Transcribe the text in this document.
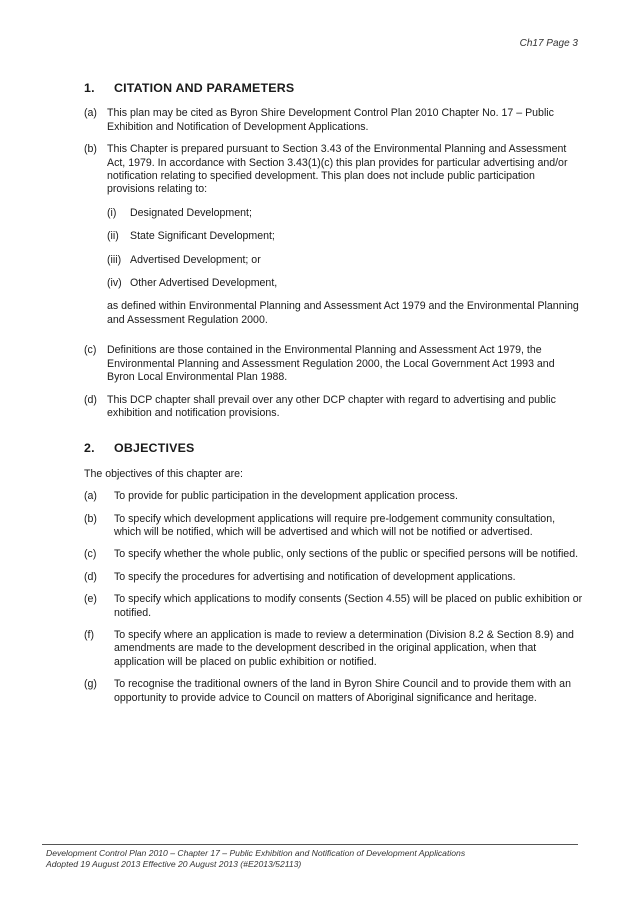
Ch17 Page 3
1.	CITATION AND PARAMETERS
(a) This plan may be cited as Byron Shire Development Control Plan 2010 Chapter No. 17 – Public Exhibition and Notification of Development Applications.
(b) This Chapter is prepared pursuant to Section 3.43 of the Environmental Planning and Assessment Act, 1979. In accordance with Section 3.43(1)(c) this plan provides for particular advertising and/or notification relating to specified development. This plan does not include public participation provisions relating to:
(i)	Designated Development;
(ii)	State Significant Development;
(iii) Advertised Development; or
(iv) Other Advertised Development,
as defined within Environmental Planning and Assessment Act 1979 and the Environmental Planning and Assessment Regulation 2000.
(c)	Definitions are those contained in the Environmental Planning and Assessment Act 1979, the Environmental Planning and Assessment Regulation 2000, the Local Government Act 1993 and Byron Local Environmental Plan 1988.
(d) This DCP chapter shall prevail over any other DCP chapter with regard to advertising and public exhibition and notification provisions.
2.	OBJECTIVES
The objectives of this chapter are:
(a)	To provide for public participation in the development application process.
(b)	To specify which development applications will require pre-lodgement community consultation, which will be notified, which will be advertised and which will not be notified or advertised.
(c)	To specify whether the whole public, only sections of the public or specified persons will be notified.
(d)	To specify the procedures for advertising and notification of development applications.
(e)	To specify which applications to modify consents (Section 4.55) will be placed on public exhibition or notified.
(f)	To specify where an application is made to review a determination (Division 8.2 & Section 8.9) and amendments are made to the development described in the original application, when that application will be placed on public exhibition or notified.
(g)	To recognise the traditional owners of the land in Byron Shire Council and to provide them with an opportunity to provide advice to Council on matters of Aboriginal significance and heritage.
Development Control Plan 2010 – Chapter 17 – Public Exhibition and Notification of Development Applications
Adopted 19 August 2013 Effective 20 August 2013 (#E2013/52113)
